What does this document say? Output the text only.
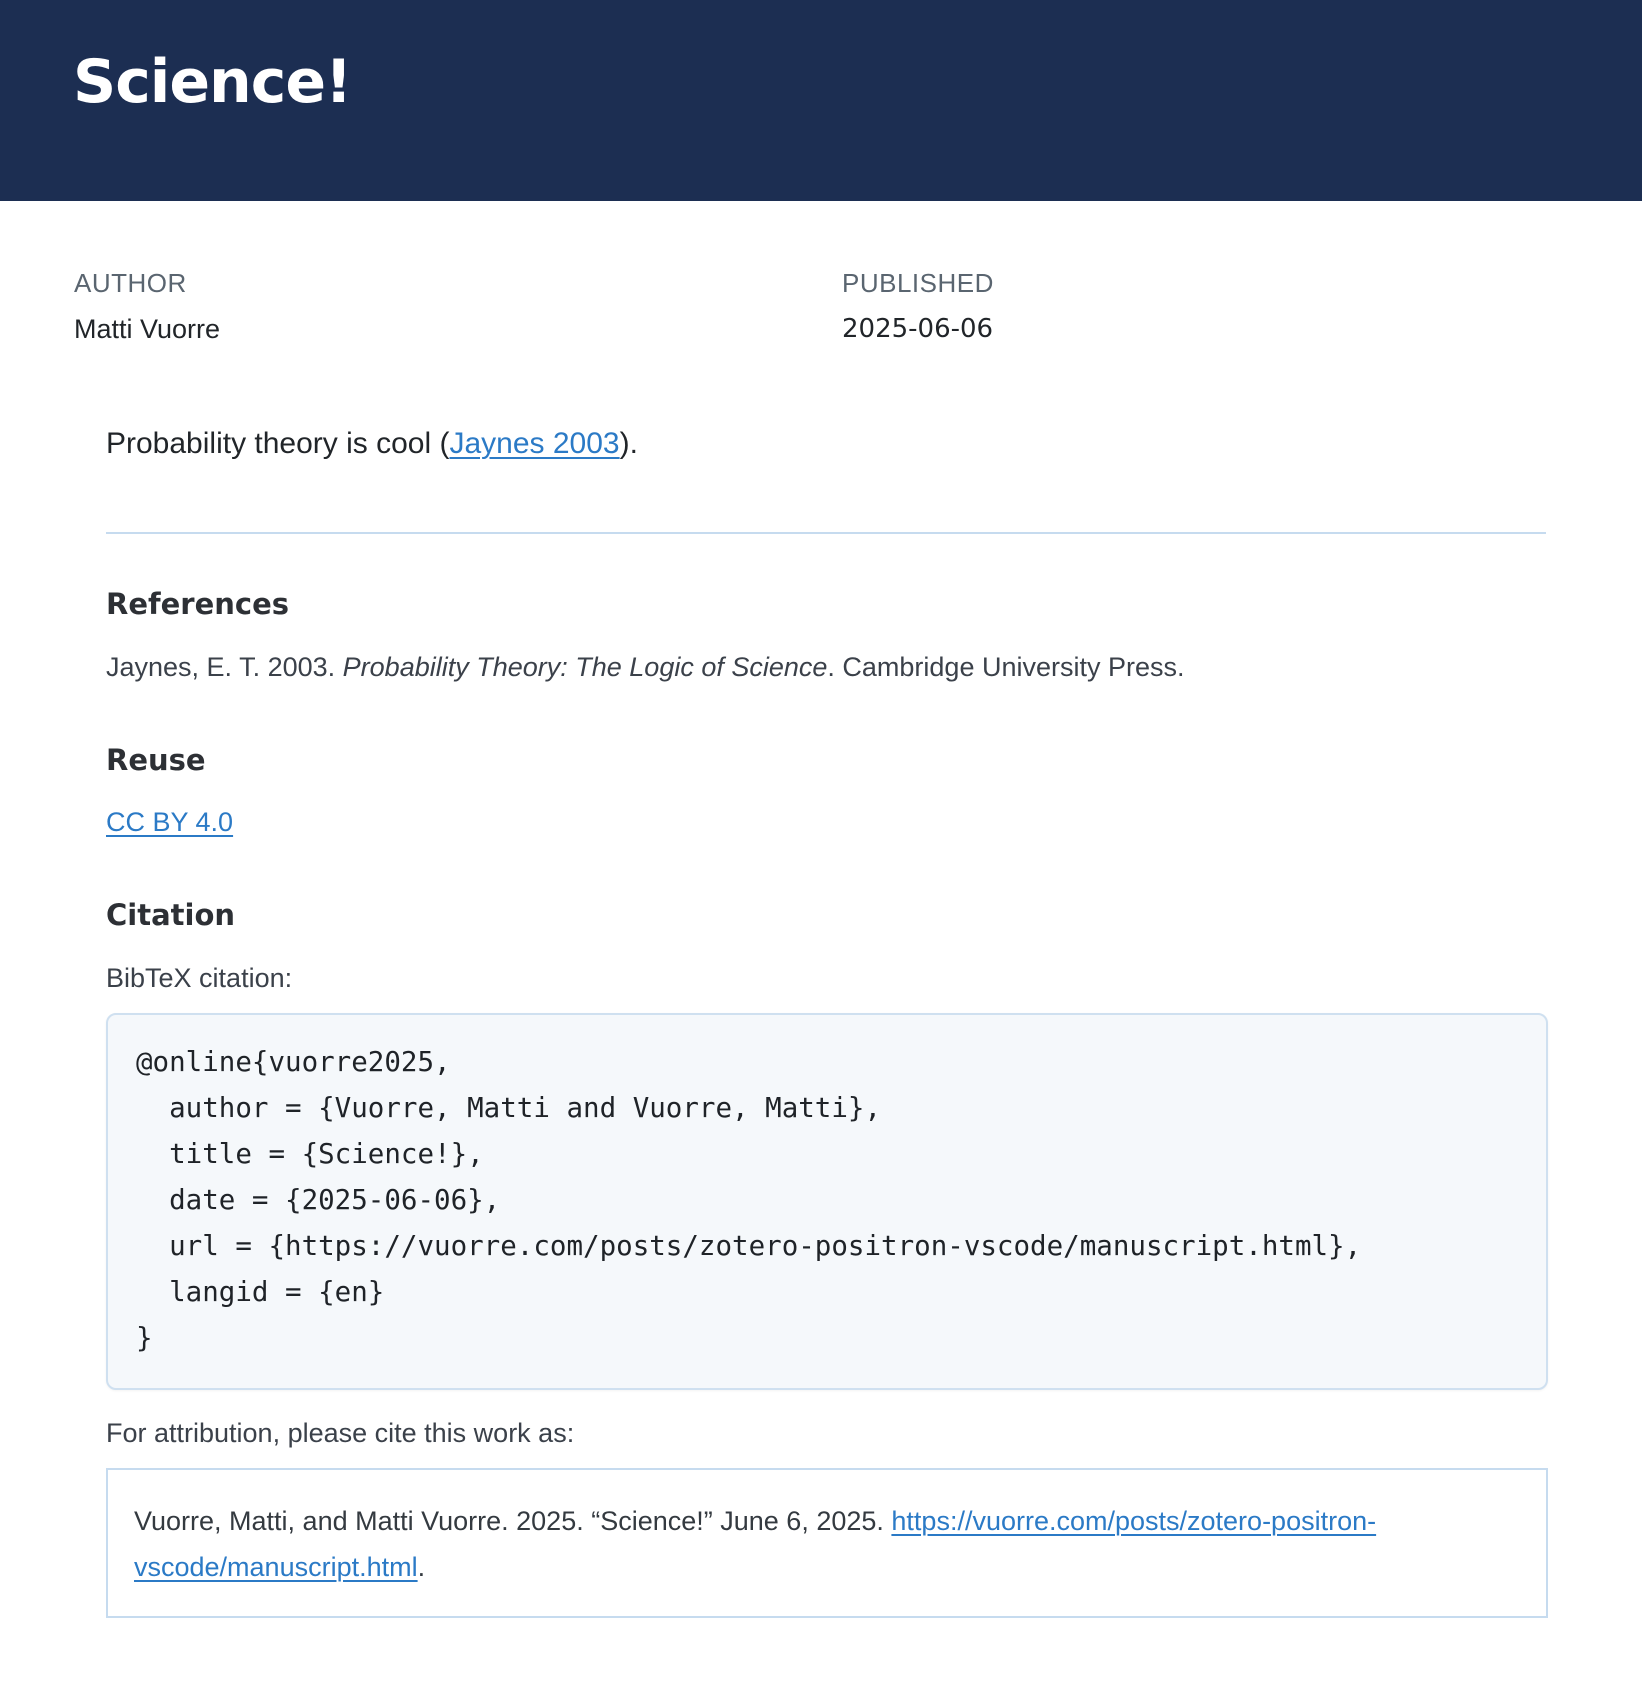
Science!
AUTHOR
Matti Vuorre
PUBLISHED
2025-06-06
Probability theory is cool (Jaynes 2003).
References
Jaynes, E. T. 2003. Probability Theory: The Logic of Science. Cambridge University Press.
Reuse
CC BY 4.0
Citation
BibTeX citation:
@online{vuorre2025,
author = {Vuorre, Matti and Vuorre, Matti},
title = {Science!},
date = {2025-06-06},
url = {https://vuorre.com/posts/zotero-positron-vscode/manuscript.html},
langid = {en}
}
For attribution, please cite this work as:
Vuorre, Matti, and Matti Vuorre. 2025. “Science!” June 6, 2025. https://vuorre.com/posts/zotero-positron-vscode/manuscript.html.
